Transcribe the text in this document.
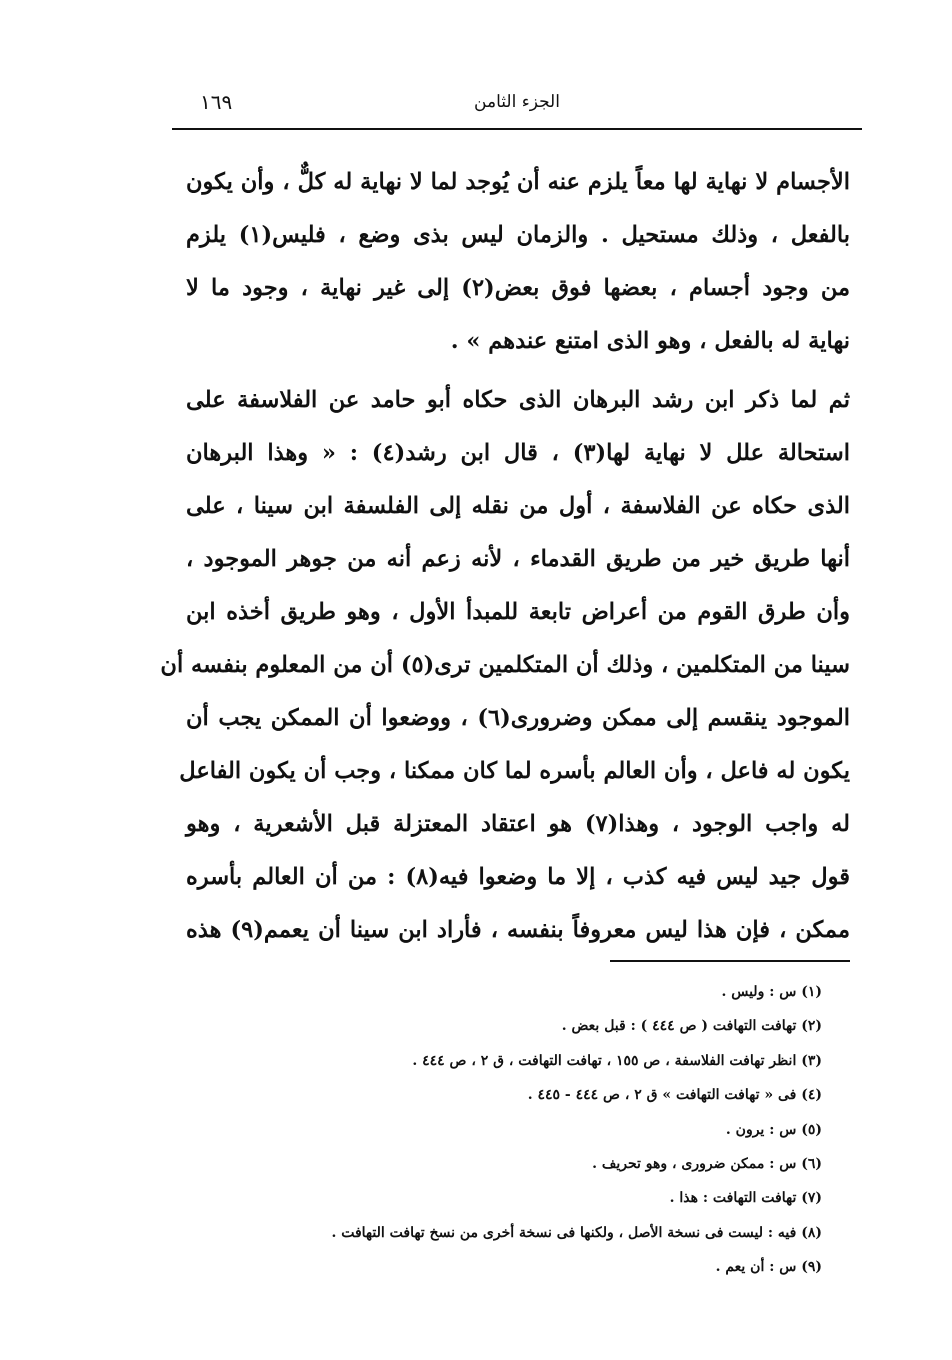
١٦٩	الجزء الثامن
الأجسام لا نهاية لها معاً يلزم عنه أن يُوجد لما لا نهاية له كلٌّ ، وأن يكون
بالفعل ، وذلك مستحيل . والزمان ليس بذى وضع ، فليس(١) يلزم
من وجود أجسام ، بعضها فوق بعض(٢) إلى غير نهاية ، وجود ما لا
نهاية له بالفعل ، وهو الذى امتنع عندهم » .
ثم لما ذكر ابن رشد البرهان الذى حكاه أبو حامد عن الفلاسفة على
استحالة علل لا نهاية لها(٣) ، قال ابن رشد(٤) : « وهذا البرهان
الذى حكاه عن الفلاسفة ، أول من نقله إلى الفلسفة ابن سينا ، على
أنها طريق خير من طريق القدماء ، لأنه زعم أنه من جوهر الموجود ،
وأن طرق القوم من أعراض تابعة للمبدأ الأول ، وهو طريق أخذه ابن
سينا من المتكلمين ، وذلك أن المتكلمين ترى(٥) أن من المعلوم بنفسه أن
الموجود ينقسم إلى ممكن وضرورى(٦) ، ووضعوا أن الممكن يجب أن
يكون له فاعل ، وأن العالم بأسره لما كان ممكنا ، وجب أن يكون الفاعل
له واجب الوجود ، وهذا(٧) هو اعتقاد المعتزلة قبل الأشعرية ، وهو
قول جيد ليس فيه كذب ، إلا ما وضعوا فيه(٨) : من أن العالم بأسره
ممكن ، فإن هذا ليس معروفاً بنفسه ، فأراد ابن سينا أن يعمم(٩) هذه
(١) س : وليس .
(٢) تهافت التهافت ( ص ٤٤٤ ) : قبل بعض .
(٣) انظر تهافت الفلاسفة ، ص ١٥٥ ، تهافت التهافت ، ق ٢ ، ص ٤٤٤ .
(٤) فى « تهافت التهافت » ق ٢ ، ص ٤٤٤ - ٤٤٥ .
(٥) س : يرون .
(٦) س : ممكن ضرورى ، وهو تحريف .
(٧) تهافت التهافت : هذا .
(٨) فيه : ليست فى نسخة الأصل ، ولكنها فى نسخة أخرى من نسخ تهافت التهافت .
(٩) س : أن يعم .
